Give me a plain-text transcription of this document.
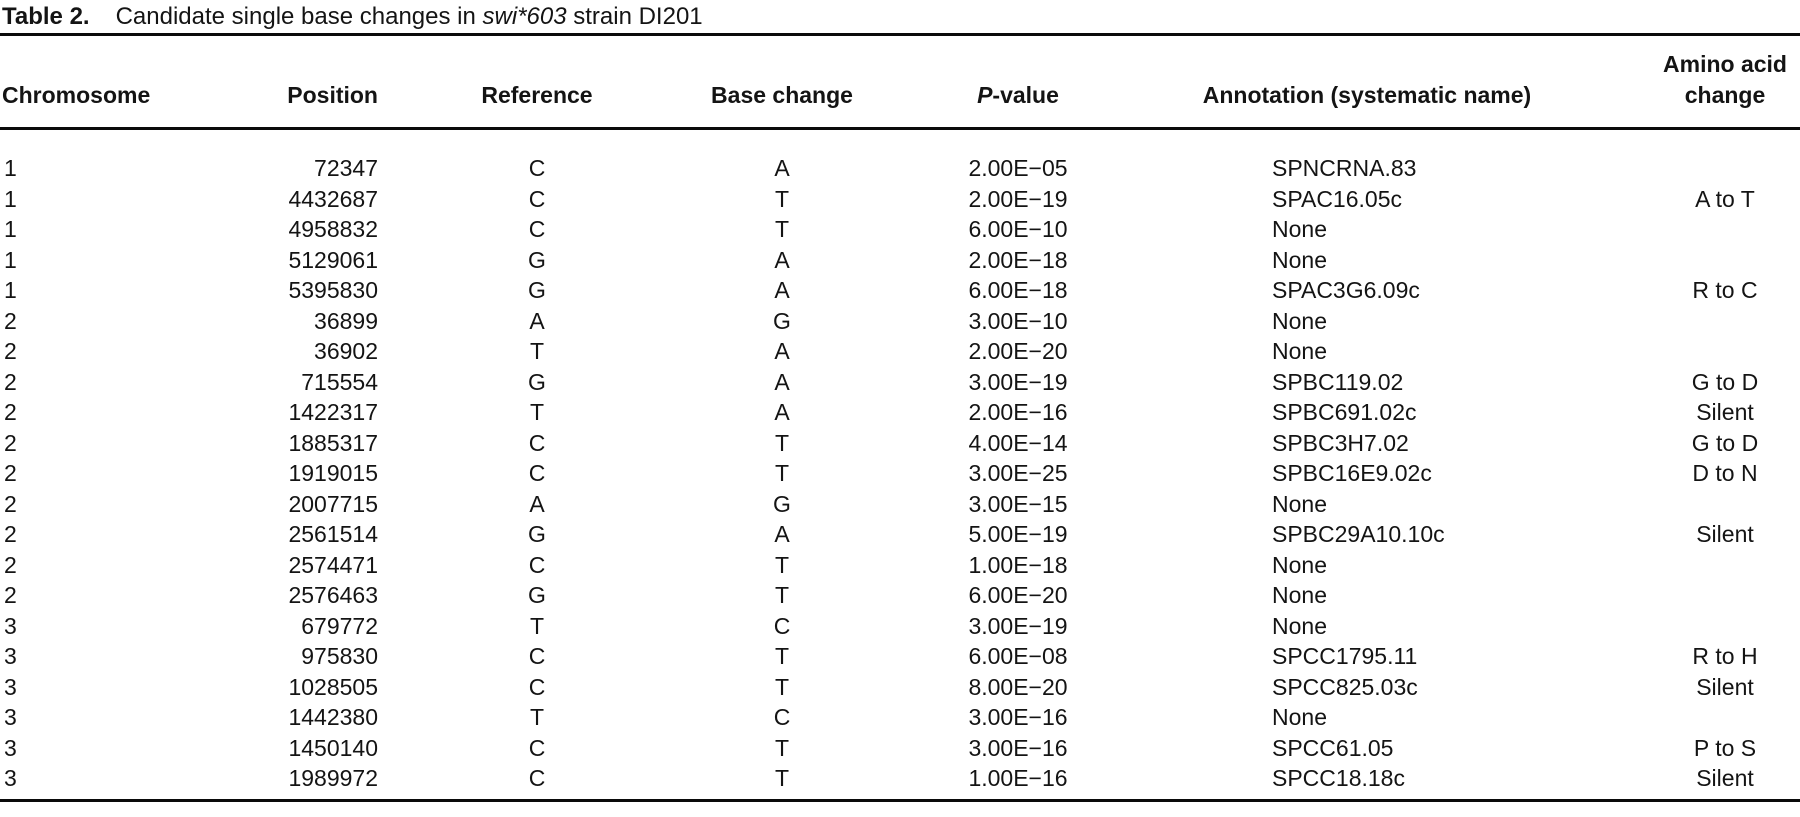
Table 2. Candidate single base changes in swi*603 strain DI201
Chromosome	Position	Reference	Base change	P-value	Annotation (systematic name)	Amino acid
change
1	72347	C	A	2.00E−05	SPNCRNA.83	
1	4432687	C	T	2.00E−19	SPAC16.05c	A to T
1	4958832	C	T	6.00E−10	None	
1	5129061	G	A	2.00E−18	None	
1	5395830	G	A	6.00E−18	SPAC3G6.09c	R to C
2	36899	A	G	3.00E−10	None	
2	36902	T	A	2.00E−20	None	
2	715554	G	A	3.00E−19	SPBC119.02	G to D
2	1422317	T	A	2.00E−16	SPBC691.02c	Silent
2	1885317	C	T	4.00E−14	SPBC3H7.02	G to D
2	1919015	C	T	3.00E−25	SPBC16E9.02c	D to N
2	2007715	A	G	3.00E−15	None	
2	2561514	G	A	5.00E−19	SPBC29A10.10c	Silent
2	2574471	C	T	1.00E−18	None	
2	2576463	G	T	6.00E−20	None	
3	679772	T	C	3.00E−19	None	
3	975830	C	T	6.00E−08	SPCC1795.11	R to H
3	1028505	C	T	8.00E−20	SPCC825.03c	Silent
3	1442380	T	C	3.00E−16	None	
3	1450140	C	T	3.00E−16	SPCC61.05	P to S
3	1989972	C	T	1.00E−16	SPCC18.18c	Silent
